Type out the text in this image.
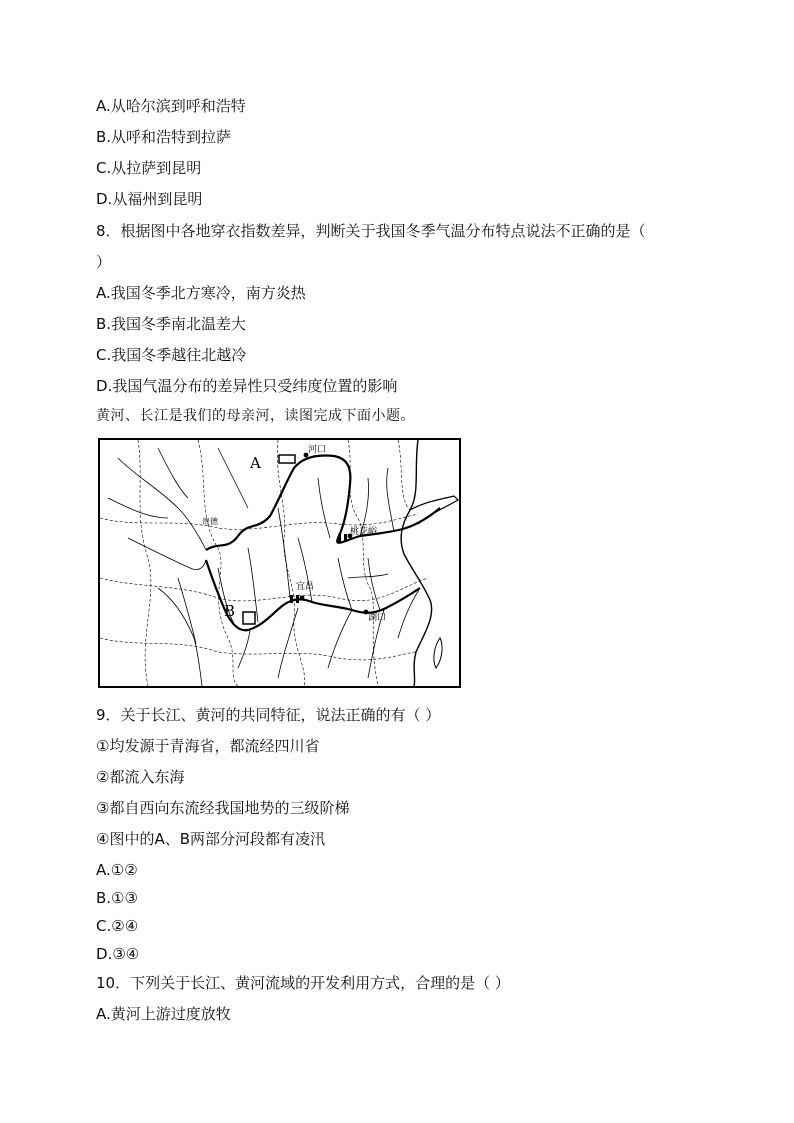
A.从哈尔滨到呼和浩特
B.从呼和浩特到拉萨
C.从拉萨到昆明
D.从福州到昆明
8．根据图中各地穿衣指数差异，判断关于我国冬季气温分布特点说法不正确的是（
）
A.我国冬季北方寒冷，南方炎热
B.我国冬季南北温差大
C.我国冬季越往北越冷
D.我国气温分布的差异性只受纬度位置的影响
黄河、长江是我们的母亲河，读图完成下面小题。
A
B
河口
桃花峪
宜昌
湖口
贵德
9．关于长江、黄河的共同特征，说法正确的有（ ）
①均发源于青海省，都流经四川省
②都流入东海
③都自西向东流经我国地势的三级阶梯
④图中的A、B两部分河段都有凌汛
A.①②
B.①③
C.②④
D.③④
10．下列关于长江、黄河流域的开发利用方式，合理的是（ ）
A.黄河上游过度放牧
